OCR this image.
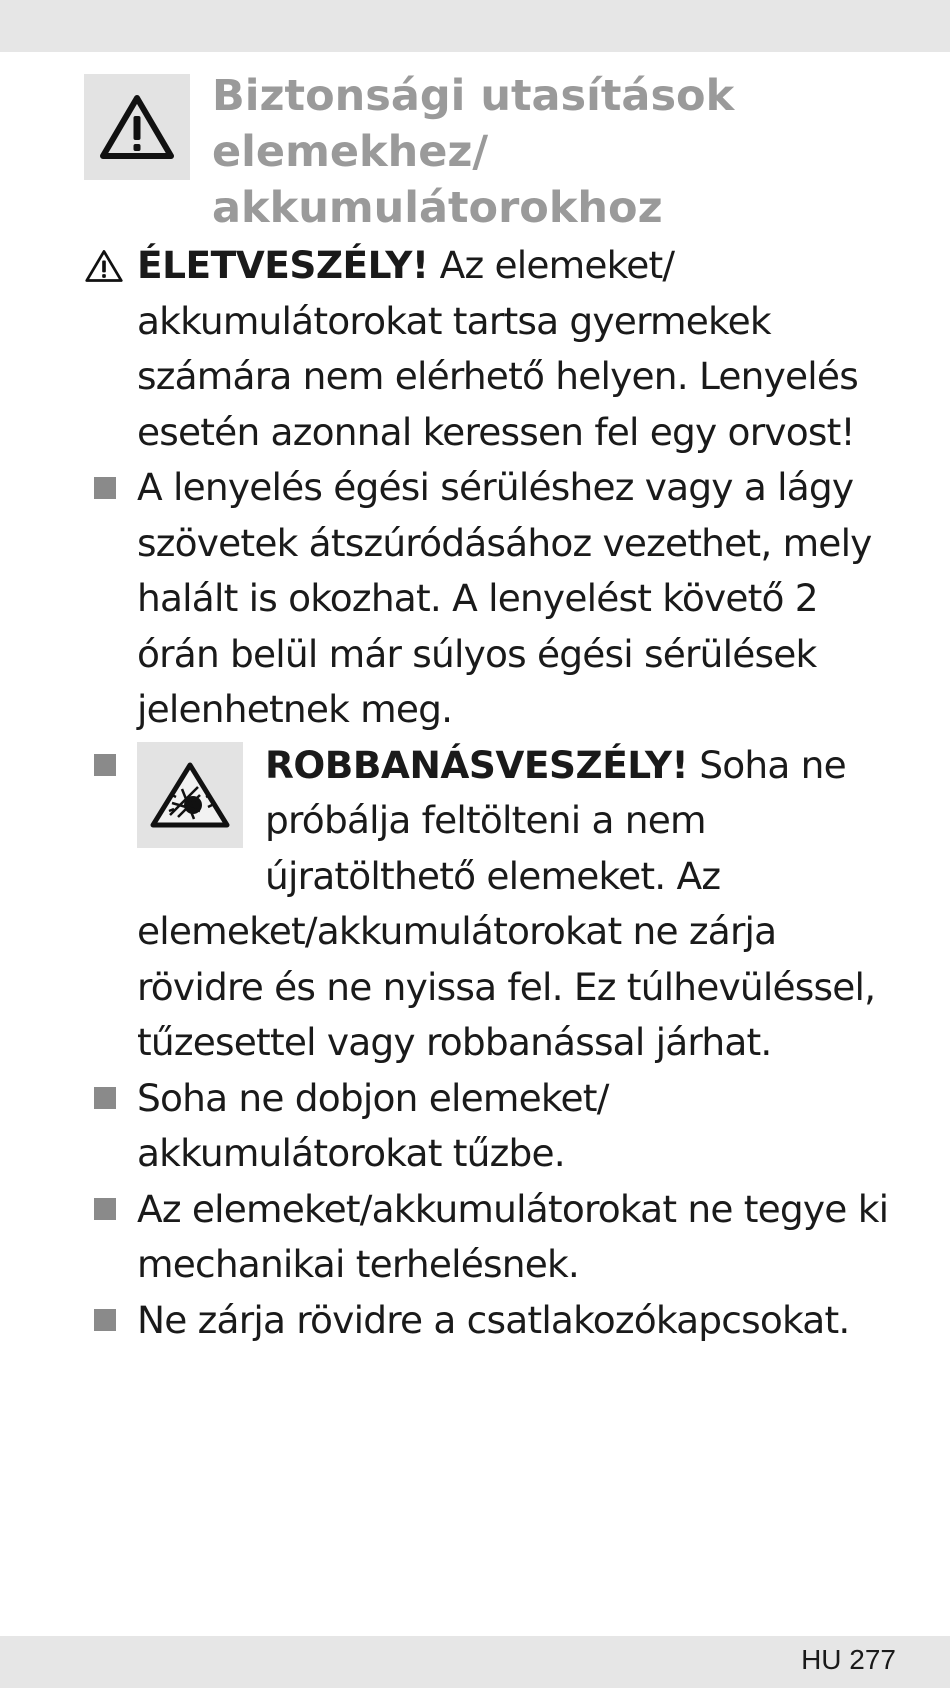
Biztonsági utasítások elemekhez/ akkumulátorokhoz

ÉLETVESZÉLY! Az elemeket/ akkumulátorokat tartsa gyermekek számára nem elérhető helyen. Lenyelés esetén azonnal keressen fel egy orvost!

A lenyelés égési sérüléshez vagy a lágy szövetek átszúródásához vezethet, mely halált is okozhat. A lenyelést követő 2 órán belül már súlyos égési sérülések jelenhetnek meg.

ROBBANÁSVESZÉLY! Soha ne próbálja feltölteni a nem újratölthető elemeket. Az elemeket/akkumulátorokat ne zárja rövidre és ne nyissa fel. Ez túlhevüléssel, tűzesettel vagy robbanással járhat.

Soha ne dobjon elemeket/ akkumulátorokat tűzbe.

Az elemeket/akkumulátorokat ne tegye ki mechanikai terhelésnek.

Ne zárja rövidre a csatlakozókapcsokat.

HU 277
